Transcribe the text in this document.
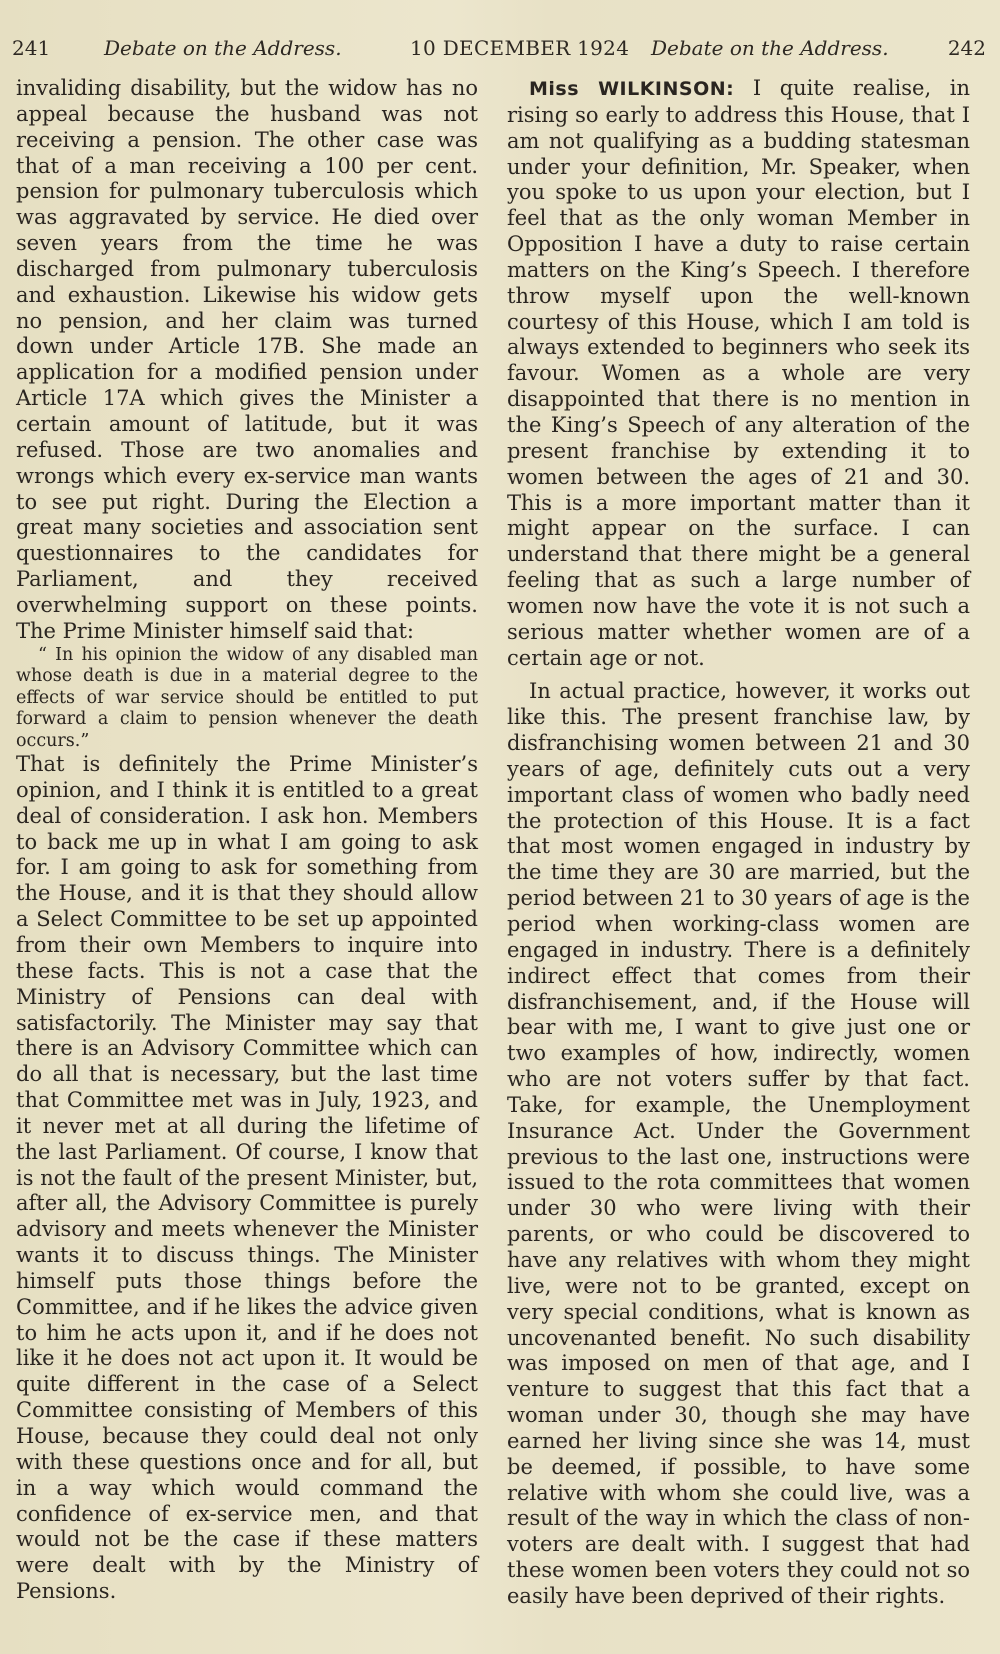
241	Debate on the Address.	10 DECEMBER 1924 Debate on the Address.	242

invaliding disability, but the widow has no appeal because the husband was not receiving a pension. The other case was that of a man receiving a 100 per cent. pension for pulmonary tuberculosis which was aggravated by service. He died over seven years from the time he was discharged from pulmonary tuberculosis and exhaustion. Likewise his widow gets no pension, and her claim was turned down under Article 17B. She made an application for a modified pension under Article 17A which gives the Minister a certain amount of latitude, but it was refused. Those are two anomalies and wrongs which every ex-service man wants to see put right. During the Election a great many societies and association sent questionnaires to the candidates for Parliament, and they received overwhelming support on these points. The Prime Minister himself said that:

“ In his opinion the widow of any disabled man whose death is due in a material degree to the effects of war service should be entitled to put forward a claim to pension whenever the death occurs.”

That is definitely the Prime Minister’s opinion, and I think it is entitled to a great deal of consideration. I ask hon. Members to back me up in what I am going to ask for. I am going to ask for something from the House, and it is that they should allow a Select Committee to be set up appointed from their own Members to inquire into these facts. This is not a case that the Ministry of Pensions can deal with satisfactorily. The Minister may say that there is an Advisory Committee which can do all that is necessary, but the last time that Committee met was in July, 1923, and it never met at all during the lifetime of the last Parliament. Of course, I know that is not the fault of the present Minister, but, after all, the Advisory Committee is purely advisory and meets whenever the Minister wants it to discuss things. The Minister himself puts those things before the Committee, and if he likes the advice given to him he acts upon it, and if he does not like it he does not act upon it. It would be quite different in the case of a Select Committee consisting of Members of this House, because they could deal not only with these questions once and for all, but in a way which would command the confidence of ex-service men, and that would not be the case if these matters were dealt with by the Ministry of Pensions.

Miss WILKINSON: I quite realise, in rising so early to address this House, that I am not qualifying as a budding statesman under your definition, Mr. Speaker, when you spoke to us upon your election, but I feel that as the only woman Member in Opposition I have a duty to raise certain matters on the King’s Speech. I therefore throw myself upon the well-known courtesy of this House, which I am told is always extended to beginners who seek its favour. Women as a whole are very disappointed that there is no mention in the King’s Speech of any alteration of the present franchise by extending it to women between the ages of 21 and 30. This is a more important matter than it might appear on the surface. I can understand that there might be a general feeling that as such a large number of women now have the vote it is not such a serious matter whether women are of a certain age or not.

In actual practice, however, it works out like this. The present franchise law, by disfranchising women between 21 and 30 years of age, definitely cuts out a very important class of women who badly need the protection of this House. It is a fact that most women engaged in industry by the time they are 30 are married, but the period between 21 to 30 years of age is the period when working-class women are engaged in industry. There is a definitely indirect effect that comes from their disfranchisement, and, if the House will bear with me, I want to give just one or two examples of how, indirectly, women who are not voters suffer by that fact. Take, for example, the Unemployment Insurance Act. Under the Government previous to the last one, instructions were issued to the rota committees that women under 30 who were living with their parents, or who could be discovered to have any relatives with whom they might live, were not to be granted, except on very special conditions, what is known as uncovenanted benefit. No such disability was imposed on men of that age, and I venture to suggest that this fact that a woman under 30, though she may have earned her living since she was 14, must be deemed, if possible, to have some relative with whom she could live, was a result of the way in which the class of non-voters are dealt with. I suggest that had these women been voters they could not so easily have been deprived of their rights.
